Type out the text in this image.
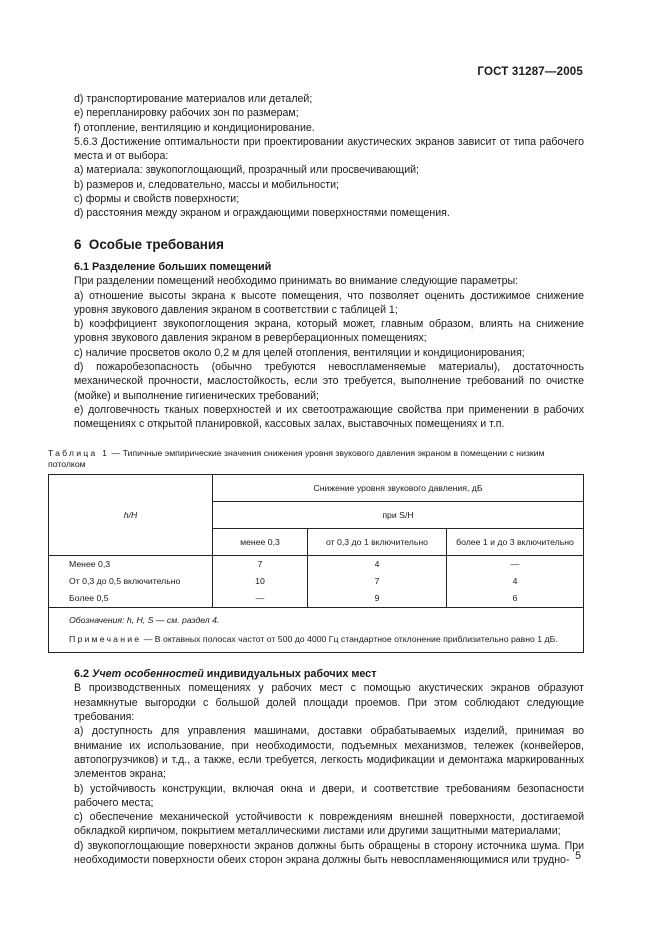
ГОСТ 31287—2005

d) транспортирование материалов или деталей;

e) перепланировку рабочих зон по размерам;

f) отопление, вентиляцию и кондиционирование.

5.6.3 Достижение оптимальности при проектировании акустических экранов зависит от типа рабочего места и от выбора:

а) материала: звукопоглощающий, прозрачный или просвечивающий;

b) размеров и, следовательно, массы и мобильности;

c) формы и свойств поверхности;

d) расстояния между экраном и ограждающими поверхностями помещения.

6 Особые требования
6.1 Разделение больших помещений

При разделении помещений необходимо принимать во внимание следующие параметры:

а) отношение высоты экрана к высоте помещения, что позволяет оценить достижимое снижение уровня звукового давления экраном в соответствии с таблицей 1;

b) коэффициент звукопоглощения экрана, который может, главным образом, влиять на снижение уровня звукового давления экраном в реверберационных помещениях;

c) наличие просветов около 0,2 м для целей отопления, вентиляции и кондиционирования;

d) пожаробезопасность (обычно требуются невоспламеняемые материалы), достаточность механической прочности, маслостойкость, если это требуется, выполнение требований по очистке (мойке) и выполнение гигиенических требований;

e) долговечность тканых поверхностей и их светоотражающие свойства при применении в рабочих помещениях с открытой планировкой, кассовых залах, выставочных помещениях и т.п.

Таблица 1 — Типичные эмпирические значения снижения уровня звукового давления экраном в помещении с низким потолком
h/H	Снижение уровня звукового давления, дБ		
	при S/H		
	менее 0,3	от 0,3 до 1 включительно	более 1 и до 3 включительно
Менее 0,3	7	4	—
От 0,3 до 0,5 включительно	10	7	4
Более 0,5	—	9	6

Обозначения: h, H, S — см. раздел 4.
Примечание — В октавных полосах частот от 500 до 4000 Гц стандартное отклонение приблизительно равно 1 дБ.			
6.2 Учет особенностей индивидуальных рабочих мест

В производственных помещениях у рабочих мест с помощью акустических экранов образуют незамкнутые выгородки с большой долей площади проемов. При этом соблюдают следующие требования:

а) доступность для управления машинами, доставки обрабатываемых изделий, принимая во внимание их использование, при необходимости, подъемных механизмов, тележек (конвейеров, автопогрузчиков) и т.д., а также, если требуется, легкость модификации и демонтажа маркированных элементов экрана;

b) устойчивость конструкции, включая окна и двери, и соответствие требованиям безопасности рабочего места;

c) обеспечение механической устойчивости к повреждениям внешней поверхности, достигаемой обкладкой кирпичом, покрытием металлическими листами или другими защитными материалами;

d) звукопоглощающие поверхности экранов должны быть обращены в сторону источника шума. При необходимости поверхности обеих сторон экрана должны быть невоспламеняющимися или трудно- 5
